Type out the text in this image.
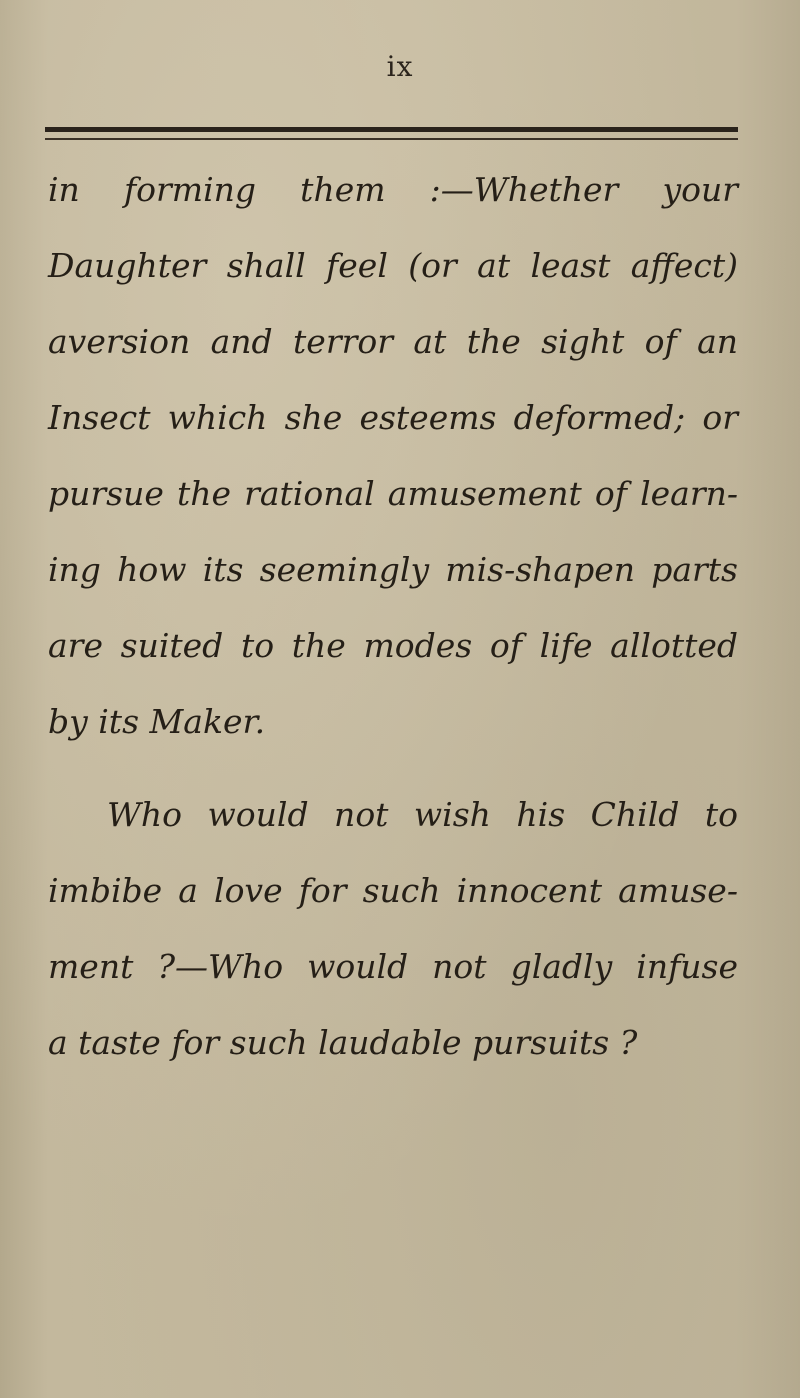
ix
in forming them :—Whether your
Daughter shall feel (or at least affect)
aversion and terror at the sight of an
Insect which she esteems deformed; or
pursue the rational amusement of learn-
ing how its seemingly mis-shapen parts
are suited to the modes of life allotted
by its Maker.
Who would not wish his Child to
imbibe a love for such innocent amuse-
ment ?—Who would not gladly infuse
a taste for such laudable pursuits ?
